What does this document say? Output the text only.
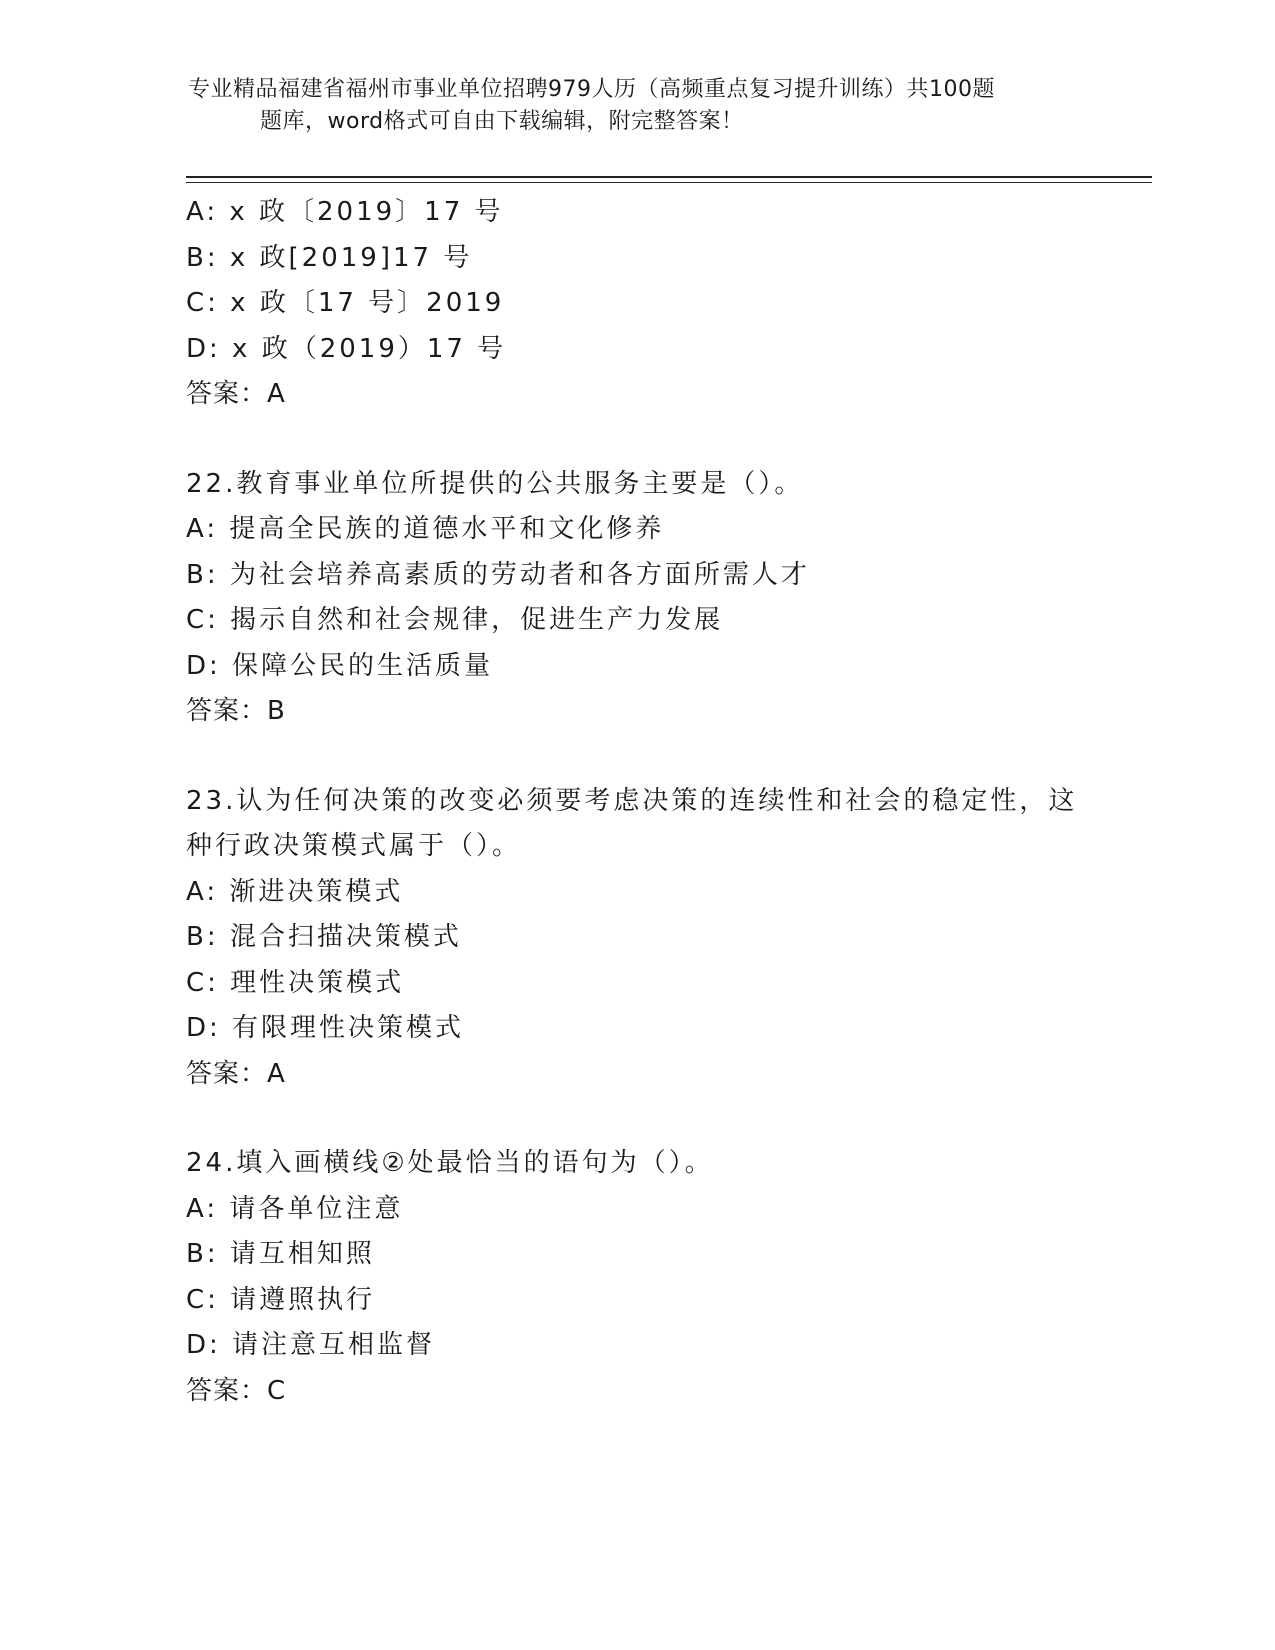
专业精品福建省福州市事业单位招聘979人历（高频重点复习提升训练）共100题
题库，word格式可自由下载编辑，附完整答案！
A: x 政〔2019〕17 号
B: x 政[2019]17 号
C: x 政〔17 号〕2019
D: x 政（2019）17 号
答案：A
22.教育事业单位所提供的公共服务主要是（）。
A: 提高全民族的道德水平和文化修养
B: 为社会培养高素质的劳动者和各方面所需人才
C: 揭示自然和社会规律，促进生产力发展
D: 保障公民的生活质量
答案：B
23.认为任何决策的改变必须要考虑决策的连续性和社会的稳定性，这
种行政决策模式属于（）。
A: 渐进决策模式
B: 混合扫描决策模式
C: 理性决策模式
D: 有限理性决策模式
答案：A
24.填入画横线②处最恰当的语句为（）。
A: 请各单位注意
B: 请互相知照
C: 请遵照执行
D: 请注意互相监督
答案：C
